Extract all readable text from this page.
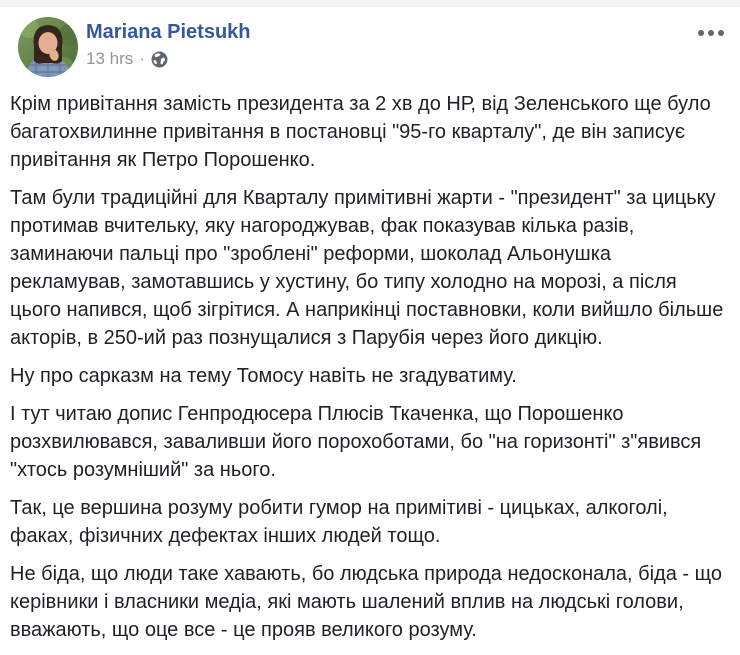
Mariana Pietsukh
13 hrs ·

Крім привітання замість президента за 2 хв до НР, від Зеленського ще було багатохвилинне привітання в постановці "95-го кварталу", де він записує привітання як Петро Порошенко.

Там були традиційні для Кварталу примітивні жарти - "президент" за цицьку протимав вчительку, яку нагороджував, фак показував кілька разів, заминаючи пальці про "зроблені" реформи, шоколад Альонушка рекламував, замотавшись у хустину, бо типу холодно на морозі, а після цього напився, щоб зігрітися. А наприкінці поставновки, коли вийшло більше акторів, в 250-ий раз познущалися з Парубія через його дикцію.

Ну про сарказм на тему Томосу навіть не згадуватиму.

І тут читаю допис Генпродюсера Плюсів Ткаченка, що Порошенко розхвилювався, заваливши його порохоботами, бо "на горизонті" з"явився "хтось розумніший" за нього.

Так, це вершина розуму робити гумор на примітиві - цицьках, алкоголі, факах, фізичних дефектах інших людей тощо.

Не біда, що люди таке хавають, бо людська природа недосконала, біда - що керівники і власники медіа, які мають шалений вплив на людські голови, вважають, що оце все - це прояв великого розуму.
